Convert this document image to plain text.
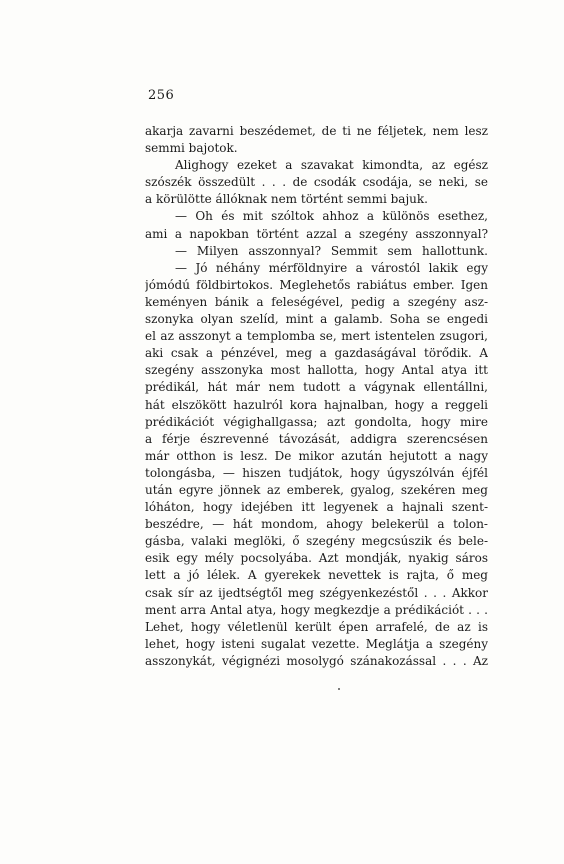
256
akarja zavarni beszédemet, de ti ne féljetek, nem lesz
semmi bajotok.
Alighogy ezeket a szavakat kimondta, az egész
szószék összedült . . . de csodák csodája, se neki, se
a körülötte állóknak nem történt semmi bajuk.
— Oh és mit szóltok ahhoz a különös esethez,
ami a napokban történt azzal a szegény asszonnyal?
— Milyen asszonnyal? Semmit sem hallottunk.
— Jó néhány mérföldnyire a várostól lakik egy
jómódú földbirtokos. Meglehetős rabiátus ember. Igen
keményen bánik a feleségével, pedig a szegény asz-
szonyka olyan szelíd, mint a galamb. Soha se engedi
el az asszonyt a templomba se, mert istentelen zsugori,
aki csak a pénzével, meg a gazdaságával törődik. A
szegény asszonyka most hallotta, hogy Antal atya itt
prédikál, hát már nem tudott a vágynak ellentállni,
hát elszökött hazulról kora hajnalban, hogy a reggeli
prédikációt végighallgassa; azt gondolta, hogy mire
a férje észrevenné távozását, addigra szerencsésen
már otthon is lesz. De mikor azután hejutott a nagy
tolongásba, — hiszen tudjátok, hogy úgyszólván éjfél
után egyre jönnek az emberek, gyalog, szekéren meg
lóháton, hogy idejében itt legyenek a hajnali szent-
beszédre, — hát mondom, ahogy belekerül a tolon-
gásba, valaki meglöki, ő szegény megcsúszik és bele-
esik egy mély pocsolyába. Azt mondják, nyakig sáros
lett a jó lélek. A gyerekek nevettek is rajta, ő meg
csak sír az ijedtségtől meg szégyenkezéstől . . . Akkor
ment arra Antal atya, hogy megkezdje a prédikációt . . .
Lehet, hogy véletlenül került épen arrafelé, de az is
lehet, hogy isteni sugalat vezette. Meglátja a szegény
asszonykát, végignézi mosolygó szánakozással . . . Az
